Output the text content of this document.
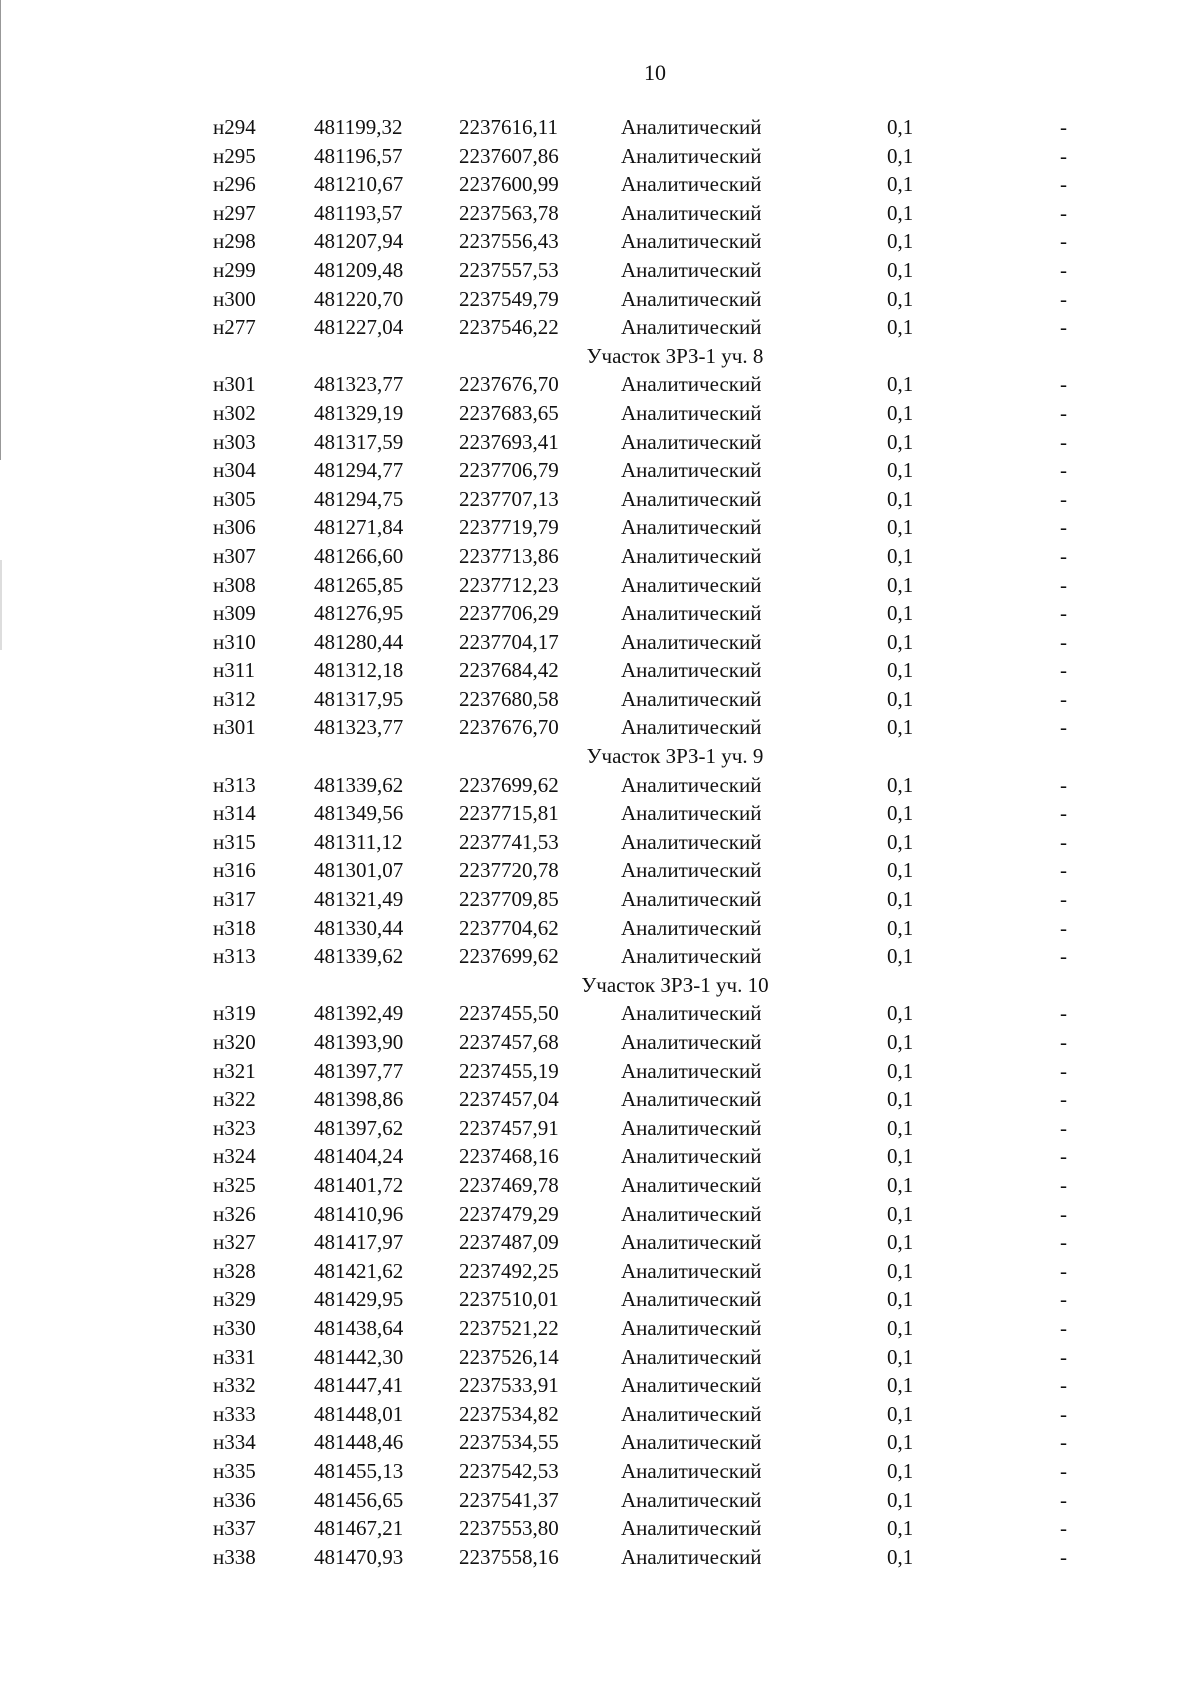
10
н294	481199,32	2237616,11	Аналитический	0,1	-
н295	481196,57	2237607,86	Аналитический	0,1	-
н296	481210,67	2237600,99	Аналитический	0,1	-
н297	481193,57	2237563,78	Аналитический	0,1	-
н298	481207,94	2237556,43	Аналитический	0,1	-
н299	481209,48	2237557,53	Аналитический	0,1	-
н300	481220,70	2237549,79	Аналитический	0,1	-
н277	481227,04	2237546,22	Аналитический	0,1	-
Участок ЗРЗ-1 уч. 8
н301	481323,77	2237676,70	Аналитический	0,1	-
н302	481329,19	2237683,65	Аналитический	0,1	-
н303	481317,59	2237693,41	Аналитический	0,1	-
н304	481294,77	2237706,79	Аналитический	0,1	-
н305	481294,75	2237707,13	Аналитический	0,1	-
н306	481271,84	2237719,79	Аналитический	0,1	-
н307	481266,60	2237713,86	Аналитический	0,1	-
н308	481265,85	2237712,23	Аналитический	0,1	-
н309	481276,95	2237706,29	Аналитический	0,1	-
н310	481280,44	2237704,17	Аналитический	0,1	-
н311	481312,18	2237684,42	Аналитический	0,1	-
н312	481317,95	2237680,58	Аналитический	0,1	-
н301	481323,77	2237676,70	Аналитический	0,1	-
Участок ЗРЗ-1 уч. 9
н313	481339,62	2237699,62	Аналитический	0,1	-
н314	481349,56	2237715,81	Аналитический	0,1	-
н315	481311,12	2237741,53	Аналитический	0,1	-
н316	481301,07	2237720,78	Аналитический	0,1	-
н317	481321,49	2237709,85	Аналитический	0,1	-
н318	481330,44	2237704,62	Аналитический	0,1	-
н313	481339,62	2237699,62	Аналитический	0,1	-
Участок ЗРЗ-1 уч. 10
н319	481392,49	2237455,50	Аналитический	0,1	-
н320	481393,90	2237457,68	Аналитический	0,1	-
н321	481397,77	2237455,19	Аналитический	0,1	-
н322	481398,86	2237457,04	Аналитический	0,1	-
н323	481397,62	2237457,91	Аналитический	0,1	-
н324	481404,24	2237468,16	Аналитический	0,1	-
н325	481401,72	2237469,78	Аналитический	0,1	-
н326	481410,96	2237479,29	Аналитический	0,1	-
н327	481417,97	2237487,09	Аналитический	0,1	-
н328	481421,62	2237492,25	Аналитический	0,1	-
н329	481429,95	2237510,01	Аналитический	0,1	-
н330	481438,64	2237521,22	Аналитический	0,1	-
н331	481442,30	2237526,14	Аналитический	0,1	-
н332	481447,41	2237533,91	Аналитический	0,1	-
н333	481448,01	2237534,82	Аналитический	0,1	-
н334	481448,46	2237534,55	Аналитический	0,1	-
н335	481455,13	2237542,53	Аналитический	0,1	-
н336	481456,65	2237541,37	Аналитический	0,1	-
н337	481467,21	2237553,80	Аналитический	0,1	-
н338	481470,93	2237558,16	Аналитический	0,1	-
